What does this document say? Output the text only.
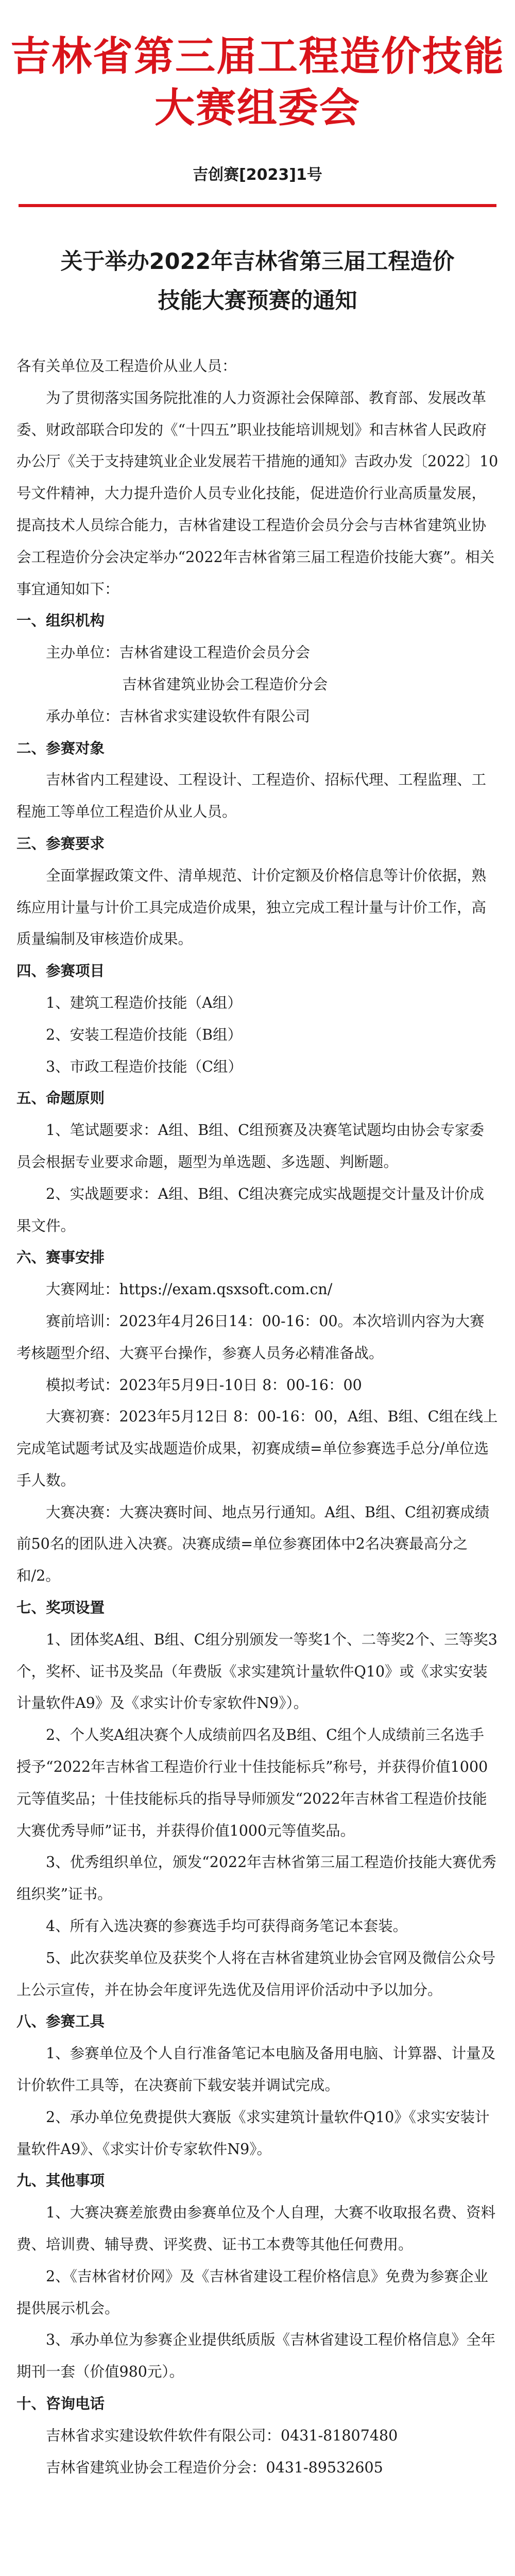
吉林省第三届工程造价技能大赛组委会
吉创赛[2023]1号
关于举办2022年吉林省第三届工程造价
技能大赛预赛的通知

各有关单位及工程造价从业人员：

为了贯彻落实国务院批准的人力资源社会保障部、教育部、发展改革委、财政部联合印发的《“十四五”职业技能培训规划》和吉林省人民政府办公厅《关于支持建筑业企业发展若干措施的通知》吉政办发〔2022〕10号文件精神，大力提升造价人员专业化技能，促进造价行业高质量发展，提高技术人员综合能力，吉林省建设工程造价会员分会与吉林省建筑业协会工程造价分会决定举办“2022年吉林省第三届工程造价技能大赛”。相关事宜通知如下：

一、组织机构

主办单位：吉林省建设工程造价会员分会

吉林省建筑业协会工程造价分会

承办单位：吉林省求实建设软件有限公司

二、参赛对象

吉林省内工程建设、工程设计、工程造价、招标代理、工程监理、工程施工等单位工程造价从业人员。

三、参赛要求

全面掌握政策文件、清单规范、计价定额及价格信息等计价依据，熟练应用计量与计价工具完成造价成果，独立完成工程计量与计价工作，高质量编制及审核造价成果。

四、参赛项目

1、建筑工程造价技能（A组）

2、安装工程造价技能（B组）

3、市政工程造价技能（C组）

五、命题原则

1、笔试题要求：A组、B组、C组预赛及决赛笔试题均由协会专家委员会根据专业要求命题，题型为单选题、多选题、判断题。

2、实战题要求：A组、B组、C组决赛完成实战题提交计量及计价成果文件。

六、赛事安排

大赛网址：https://exam.qsxsoft.com.cn/

赛前培训：2023年4月26日14：00-16：00。本次培训内容为大赛考核题型介绍、大赛平台操作，参赛人员务必精准备战。

模拟考试：2023年5月9日-10日 8：00-16：00

大赛初赛：2023年5月12日 8：00-16：00，A组、B组、C组在线上完成笔试题考试及实战题造价成果，初赛成绩=单位参赛选手总分/单位选手人数。

大赛决赛：大赛决赛时间、地点另行通知。A组、B组、C组初赛成绩前50名的团队进入决赛。决赛成绩=单位参赛团体中2名决赛最高分之和/2。

七、奖项设置

1、团体奖A组、B组、C组分别颁发一等奖1个、二等奖2个、三等奖3个，奖杯、证书及奖品（年费版《求实建筑计量软件Q10》或《求实安装计量软件A9》及《求实计价专家软件N9》）。

2、个人奖A组决赛个人成绩前四名及B组、C组个人成绩前三名选手授予“2022年吉林省工程造价行业十佳技能标兵”称号，并获得价值1000元等值奖品；十佳技能标兵的指导导师颁发“2022年吉林省工程造价技能大赛优秀导师”证书，并获得价值1000元等值奖品。

3、优秀组织单位，颁发“2022年吉林省第三届工程造价技能大赛优秀组织奖”证书。

4、所有入选决赛的参赛选手均可获得商务笔记本套装。

5、此次获奖单位及获奖个人将在吉林省建筑业协会官网及微信公众号上公示宣传，并在协会年度评先选优及信用评价活动中予以加分。

八、参赛工具

1、参赛单位及个人自行准备笔记本电脑及备用电脑、计算器、计量及计价软件工具等，在决赛前下载安装并调试完成。

2、承办单位免费提供大赛版《求实建筑计量软件Q10》《求实安装计量软件A9》、《求实计价专家软件N9》。

九、其他事项

1、大赛决赛差旅费由参赛单位及个人自理，大赛不收取报名费、资料费、培训费、辅导费、评奖费、证书工本费等其他任何费用。

2、《吉林省材价网》及《吉林省建设工程价格信息》免费为参赛企业提供展示机会。

3、承办单位为参赛企业提供纸质版《吉林省建设工程价格信息》全年期刊一套（价值980元）。

十、咨询电话

吉林省求实建设软件软件有限公司：0431-81807480

吉林省建筑业协会工程造价分会：0431-89532605
